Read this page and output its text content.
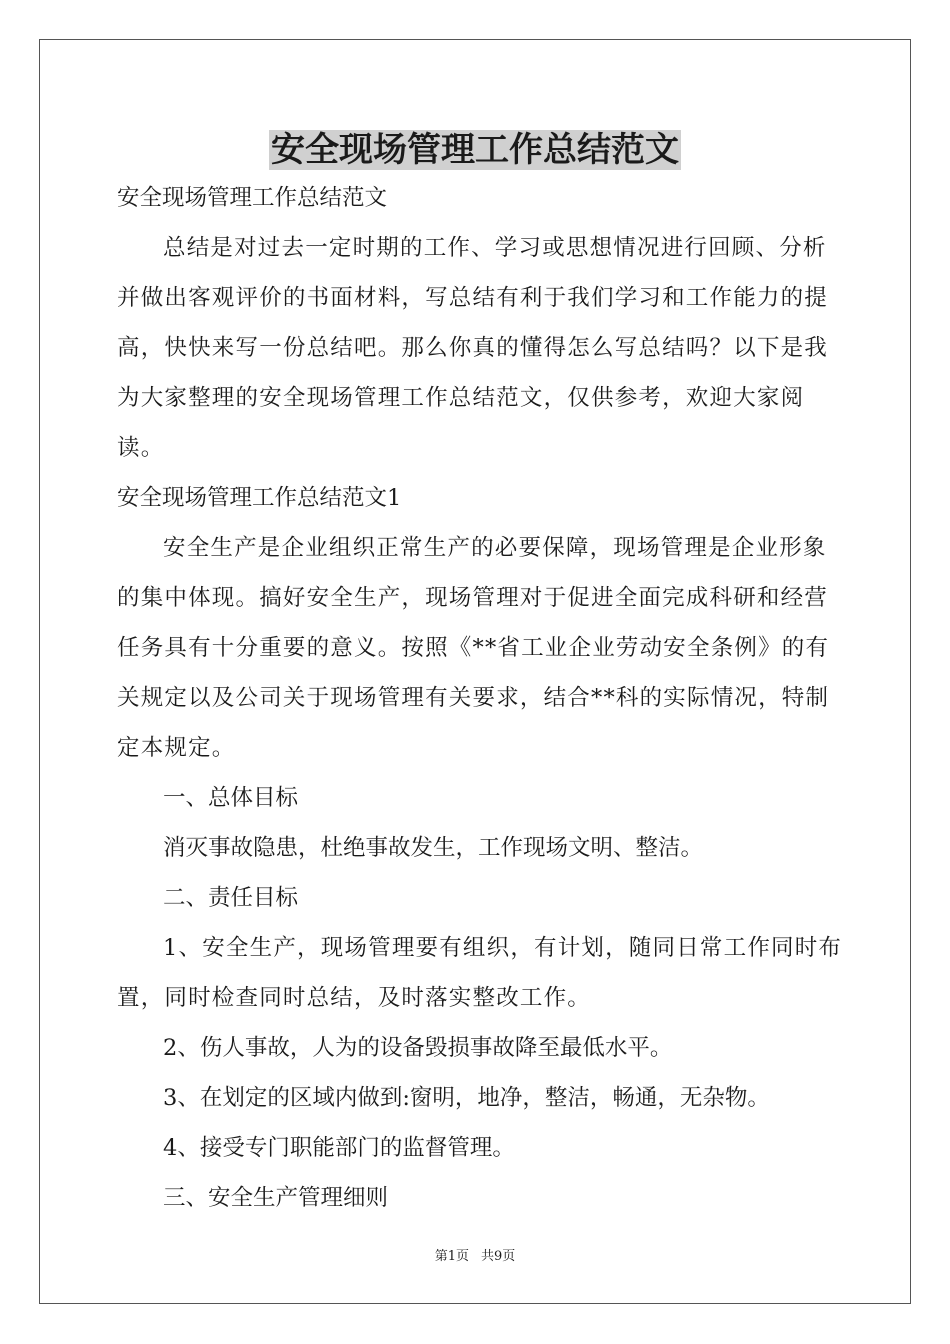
安全现场管理工作总结范文

安全现场管理工作总结范文

总结是对过去一定时期的工作、学习或思想情况进行回顾、分析并做出客观评价的书面材料，写总结有利于我们学习和工作能力的提高，快快来写一份总结吧。那么你真的懂得怎么写总结吗？以下是我为大家整理的安全现场管理工作总结范文，仅供参考，欢迎大家阅读。

安全现场管理工作总结范文1

安全生产是企业组织正常生产的必要保障，现场管理是企业形象的集中体现。搞好安全生产，现场管理对于促进全面完成科研和经营任务具有十分重要的意义。按照《**省工业企业劳动安全条例》的有关规定以及公司关于现场管理有关要求，结合**科的实际情况，特制定本规定。

一、总体目标

消灭事故隐患，杜绝事故发生，工作现场文明、整洁。

二、责任目标

1、安全生产，现场管理要有组织，有计划，随同日常工作同时布置，同时检查同时总结，及时落实整改工作。

2、伤人事故，人为的设备毁损事故降至最低水平。

3、在划定的区域内做到:窗明，地净，整洁，畅通，无杂物。

4、接受专门职能部门的监督管理。

三、安全生产管理细则

第1页 共9页
